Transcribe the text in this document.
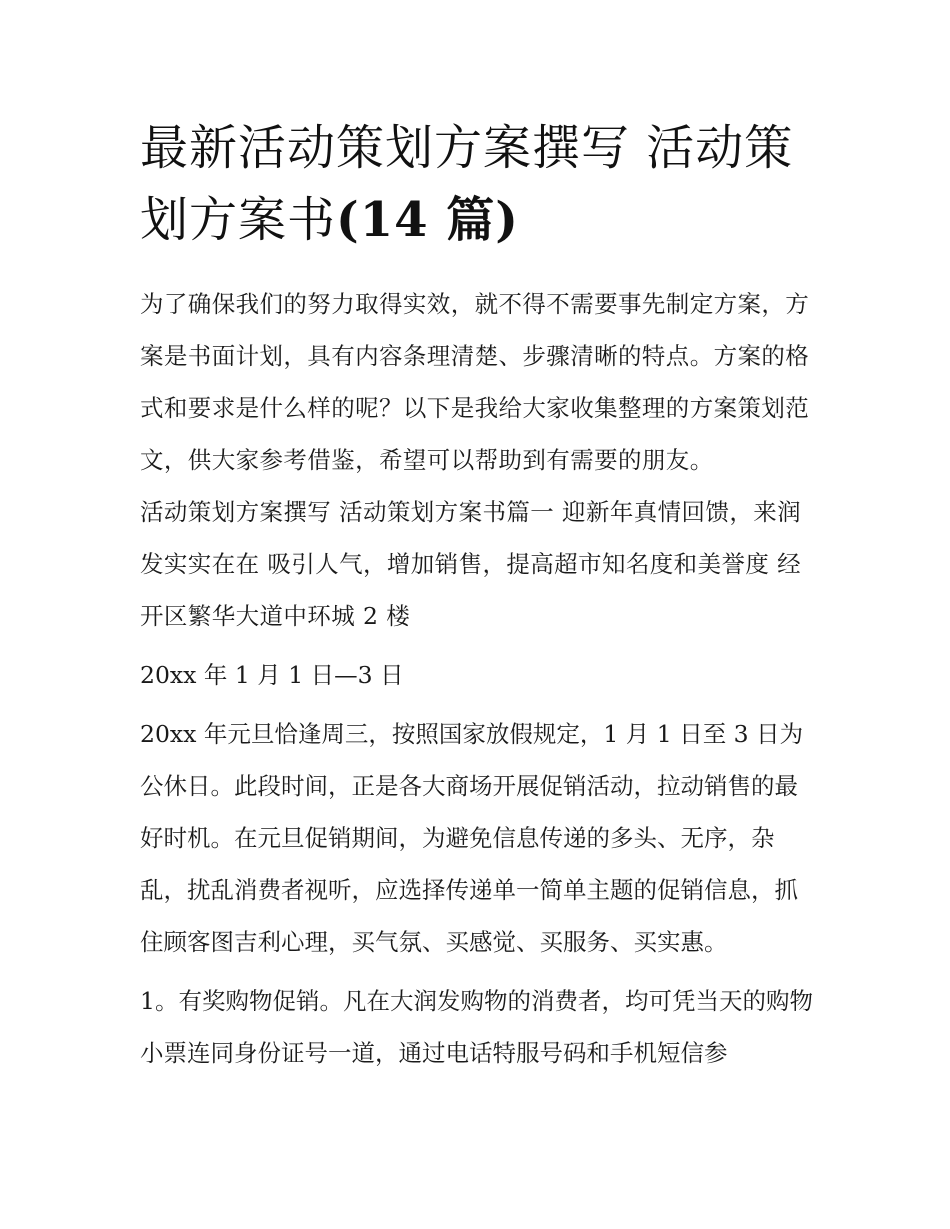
最新活动策划方案撰写 活动策划方案书(14 篇)

为了确保我们的努力取得实效，就不得不需要事先制定方案，方案是书面计划，具有内容条理清楚、步骤清晰的特点。方案的格式和要求是什么样的呢？以下是我给大家收集整理的方案策划范文，供大家参考借鉴，希望可以帮助到有需要的朋友。

活动策划方案撰写 活动策划方案书篇一 迎新年真情回馈，来润发实实在在 吸引人气，增加销售，提高超市知名度和美誉度 经开区繁华大道中环城 2 楼

20xx 年 1 月 1 日—3 日

20xx 年元旦恰逢周三，按照国家放假规定，1 月 1 日至 3 日为公休日。此段时间，正是各大商场开展促销活动，拉动销售的最好时机。在元旦促销期间，为避免信息传递的多头、无序，杂乱，扰乱消费者视听，应选择传递单一简单主题的促销信息，抓住顾客图吉利心理，买气氛、买感觉、买服务、买实惠。

1。有奖购物促销。凡在大润发购物的消费者，均可凭当天的购物小票连同身份证号一道，通过电话特服号码和手机短信参
